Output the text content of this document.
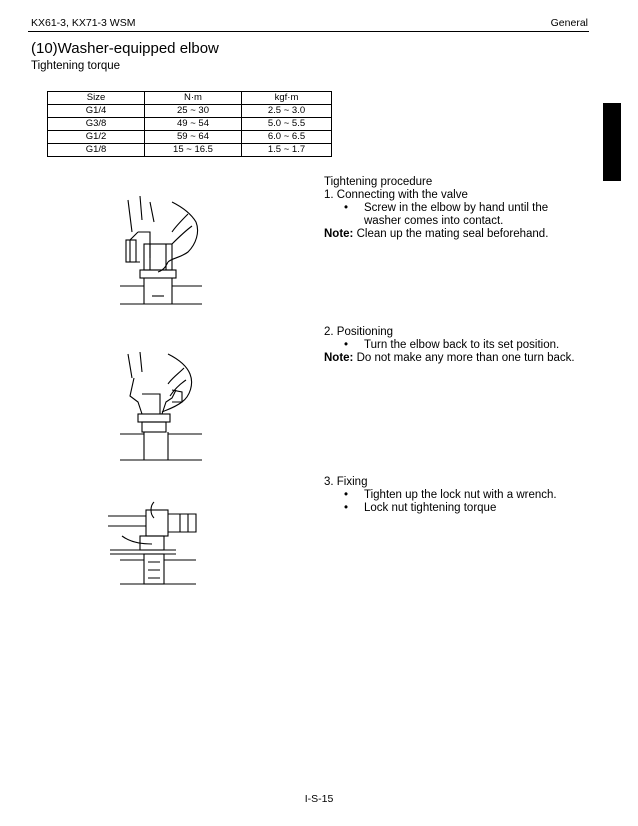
KX61-3, KX71-3 WSM	General
(10)Washer-equipped elbow
Tightening torque
Size	N·m	kgf·m
G1/4	25 ~ 30	2.5 ~ 3.0
G3/8	49 ~ 54	5.0 ~ 5.5
G1/2	59 ~ 64	6.0 ~ 6.5
G1/8	15 ~ 16.5	1.5 ~ 1.7
Tightening procedure
1. Connecting with the valve
• Screw in the elbow by hand until the
washer comes into contact.
Note: Clean up the mating seal beforehand.
2. Positioning
• Turn the elbow back to its set position.
Note: Do not make any more than one turn back.
3. Fixing
• Tighten up the lock nut with a wrench.
• Lock nut tightening torque
I-S-15
